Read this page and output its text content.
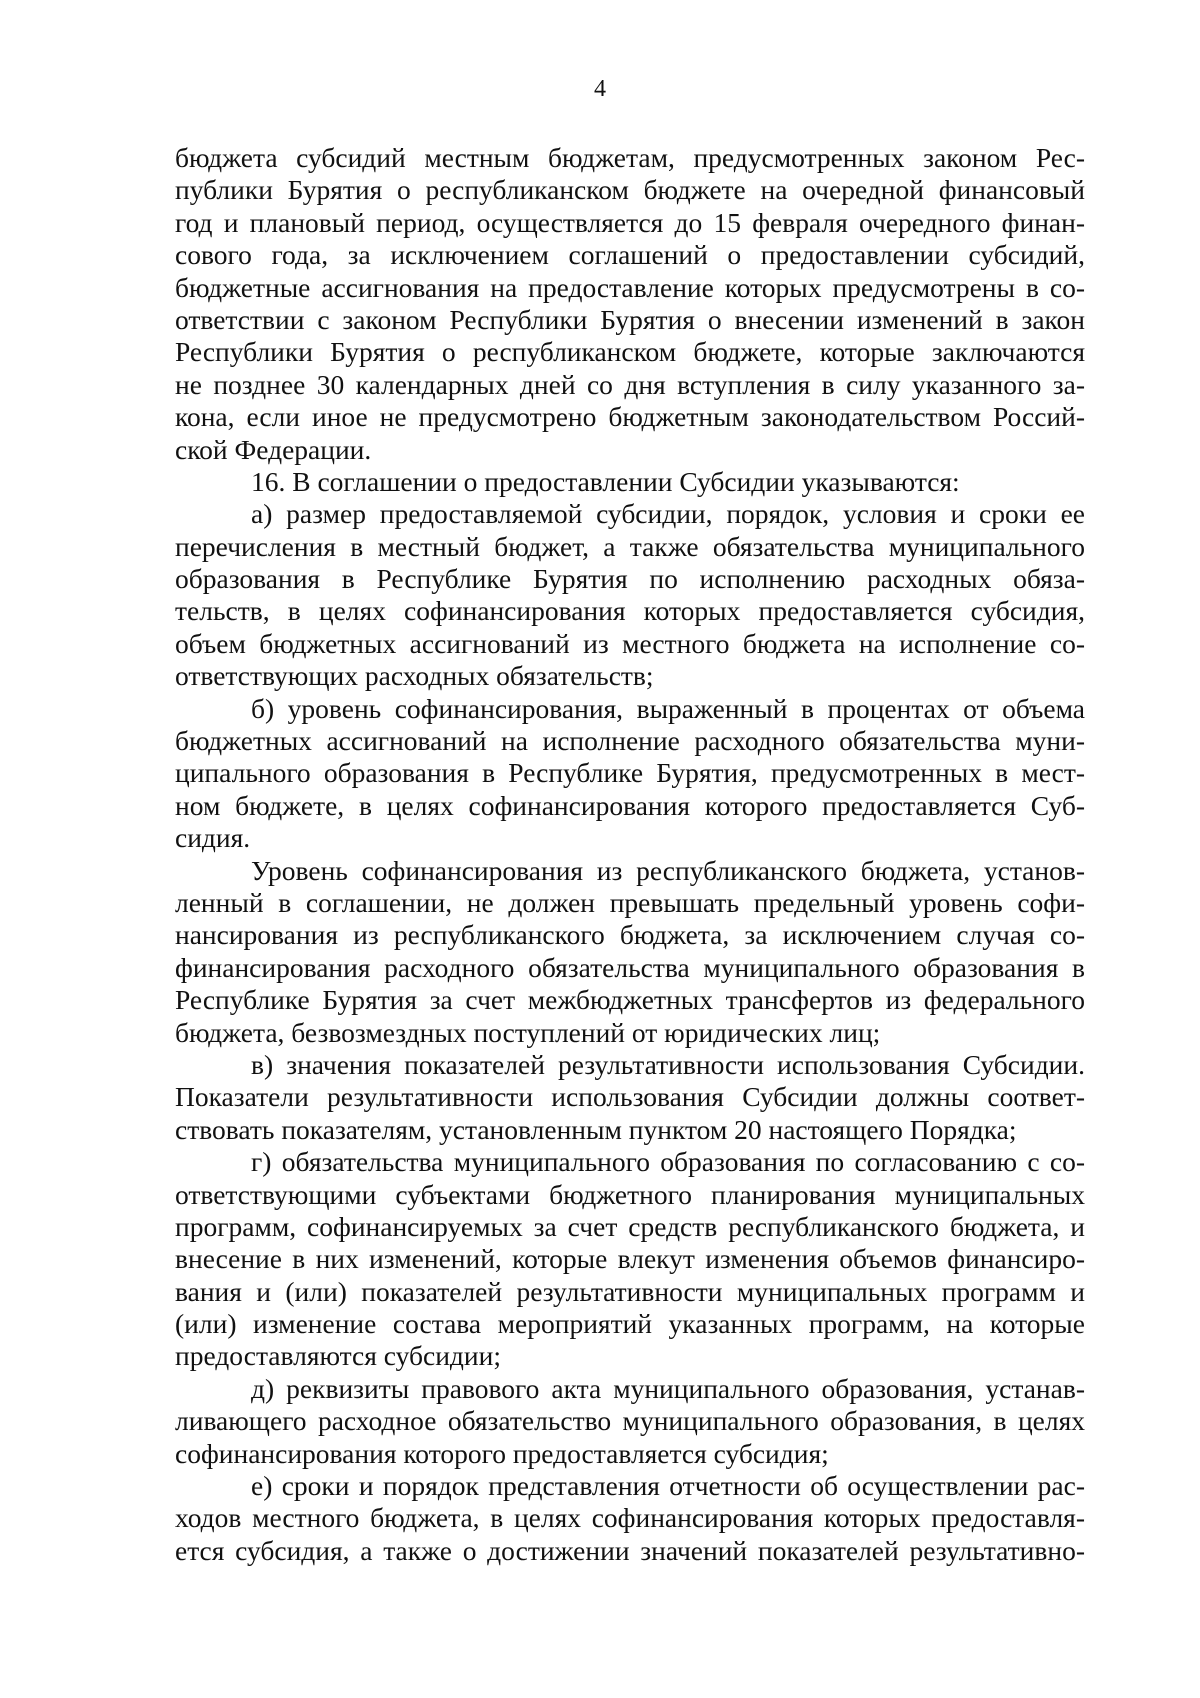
4
бюджета субсидий местным бюджетам, предусмотренных законом Рес-
публики Бурятия о республиканском бюджете на очередной финансовый
год и плановый период, осуществляется до 15 февраля очередного финан-
сового года, за исключением соглашений о предоставлении субсидий,
бюджетные ассигнования на предоставление которых предусмотрены в со-
ответствии с законом Республики Бурятия о внесении изменений в закон
Республики Бурятия о республиканском бюджете, которые заключаются
не позднее 30 календарных дней со дня вступления в силу указанного за-
кона, если иное не предусмотрено бюджетным законодательством Россий-
ской Федерации.
16. В соглашении о предоставлении Субсидии указываются:
а) размер предоставляемой субсидии, порядок, условия и сроки ее
перечисления в местный бюджет, а также обязательства муниципального
образования в Республике Бурятия по исполнению расходных обяза-
тельств, в целях софинансирования которых предоставляется субсидия,
объем бюджетных ассигнований из местного бюджета на исполнение со-
ответствующих расходных обязательств;
б) уровень софинансирования, выраженный в процентах от объема
бюджетных ассигнований на исполнение расходного обязательства муни-
ципального образования в Республике Бурятия, предусмотренных в мест-
ном бюджете, в целях софинансирования которого предоставляется Суб-
сидия.
Уровень софинансирования из республиканского бюджета, установ-
ленный в соглашении, не должен превышать предельный уровень софи-
нансирования из республиканского бюджета, за исключением случая со-
финансирования расходного обязательства муниципального образования в
Республике Бурятия за счет межбюджетных трансфертов из федерального
бюджета, безвозмездных поступлений от юридических лиц;
в) значения показателей результативности использования Субсидии.
Показатели результативности использования Субсидии должны соответ-
ствовать показателям, установленным пунктом 20 настоящего Порядка;
г) обязательства муниципального образования по согласованию с со-
ответствующими субъектами бюджетного планирования муниципальных
программ, софинансируемых за счет средств республиканского бюджета, и
внесение в них изменений, которые влекут изменения объемов финансиро-
вания и (или) показателей результативности муниципальных программ и
(или) изменение состава мероприятий указанных программ, на которые
предоставляются субсидии;
д) реквизиты правового акта муниципального образования, устанав-
ливающего расходное обязательство муниципального образования, в целях
софинансирования которого предоставляется субсидия;
е) сроки и порядок представления отчетности об осуществлении рас-
ходов местного бюджета, в целях софинансирования которых предоставля-
ется субсидия, а также о достижении значений показателей результативно-
